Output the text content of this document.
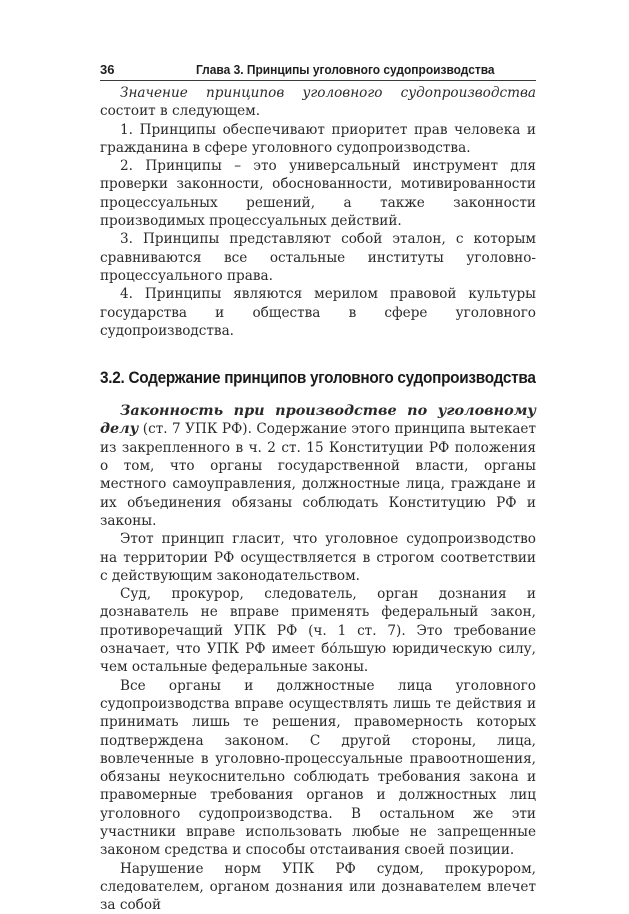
36	Глава 3. Принципы уголовного судопроизводства

Значение принципов уголовного судопроизводства состоит в следующем.

1. Принципы обеспечивают приоритет прав человека и гражданина в сфере уголовного судопроизводства.

2. Принципы – это универсальный инструмент для проверки законности, обоснованности, мотивированности процессуальных решений, а также законности производимых процессуальных действий.

3. Принципы представляют собой эталон, с которым сравниваются все остальные институты уголовно-процессуального права.

4. Принципы являются мерилом правовой культуры государства и общества в сфере уголовного судопроизводства.

3.2. Содержание принципов уголовного судопроизводства

Законность при производстве по уголовному делу (ст. 7 УПК РФ). Содержание этого принципа вытекает из закрепленного в ч. 2 ст. 15 Конституции РФ положения о том, что органы государственной власти, органы местного самоуправления, должностные лица, граждане и их объединения обязаны соблюдать Конституцию РФ и законы.

Этот принцип гласит, что уголовное судопроизводство на территории РФ осуществляется в строгом соответствии с действующим законодательством.

Суд, прокурор, следователь, орган дознания и дознаватель не вправе применять федеральный закон, противоречащий УПК РФ (ч. 1 ст. 7). Это требование означает, что УПК РФ имеет бо́льшую юридическую силу, чем остальные федеральные законы.

Все органы и должностные лица уголовного судопроизводства вправе осуществлять лишь те действия и принимать лишь те решения, правомерность которых подтверждена законом. С другой стороны, лица, вовлеченные в уголовно-процессуальные правоотношения, обязаны неукоснительно соблюдать требования закона и правомерные требования органов и должностных лиц уголовного судопроизводства. В остальном же эти участники вправе использовать любые не запрещенные законом средства и способы отстаивания своей позиции.

Нарушение норм УПК РФ судом, прокурором, следователем, органом дознания или дознавателем влечет за собой
